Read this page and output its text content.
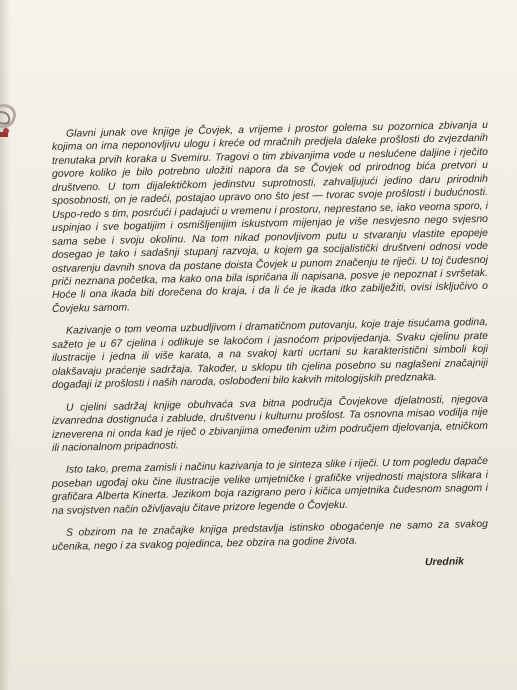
Glavni junak ove knjige je Čovjek, a vrijeme i prostor golema su pozornica zbivanja u kojima on ima neponovljivu ulogu i kreće od mračnih predjela daleke prošlosti do zvjezdanih trenutaka prvih koraka u Svemiru. Tragovi o tim zbivanjima vode u neslućene daljine i rječito govore koliko je bilo potrebno uložiti napora da se Čovjek od prirodnog bića pretvori u društveno. U tom dijalektičkom jedinstvu suprotnosti, zahvaljujući jedino daru prirodnih sposobnosti, on je radeći, postajao upravo ono što jest — tvorac svoje prošlosti i budućnosti. Uspo-redo s tim, posrćući i padajući u vremenu i prostoru, neprestano se, iako veoma sporo, i uspinjao i sve bogatijim i osmišljenijim iskustvom mijenjao je više nesvjesno nego svjesno sama sebe i svoju okolinu. Na tom nikad ponovljivom putu u stvaranju vlastite epopeje dosegao je tako i sadašnji stupanj razvoja, u kojem ga socijalistički društveni odnosi vode ostvarenju davnih snova da postane doista Čovjek u punom značenju te riječi. U toj čudesnoj priči neznana početka, ma kako ona bila ispričana ili napisana, posve je nepoznat i svršetak. Hoće li ona ikada biti dorečena do kraja, i da li će je ikada itko zabilježiti, ovisi isključivo o Čovjeku samom.

Kazivanje o tom veoma uzbudljivom i dramatičnom putovanju, koje traje tisućama godina, sažeto je u 67 cjelina i odlikuje se lakoćom i jasnoćom pripovijedanja. Svaku cjelinu prate ilustracije i jedna ili više karata, a na svakoj karti ucrtani su karakteristični simboli koji olakšavaju praćenje sadržaja. Također, u sklopu tih cjelina posebno su naglašeni značajniji događaji iz prošlosti i naših naroda, oslobođeni bilo kakvih mitologijskih predznaka.

U cjelini sadržaj knjige obuhvaća sva bitna područja Čovjekove djelatnosti, njegova izvanredna dostignuća i zablude, društvenu i kulturnu prošlost. Ta osnovna misao vodilja nije izneverena ni onda kad je riječ o zbivanjima omeđenim užim područjem djelovanja, etničkom ili nacionalnom pripadnosti.

Isto tako, prema zamisli i načinu kazivanja to je sinteza slike i riječi. U tom pogledu dapače poseban ugođaj oku čine ilustracije velike umjetničke i grafičke vrijednosti majstora slikara i grafičara Alberta Kinerta. Jezikom boja razigrano pero i kičica umjetnika čudesnom snagom i na svojstven način oživljavaju čitave prizore legende o Čovjeku.

S obzirom na te značajke knjiga predstavlja istinsko obogaćenje ne samo za svakog učenika, nego i za svakog pojedinca, bez obzira na godine života.

Urednik
